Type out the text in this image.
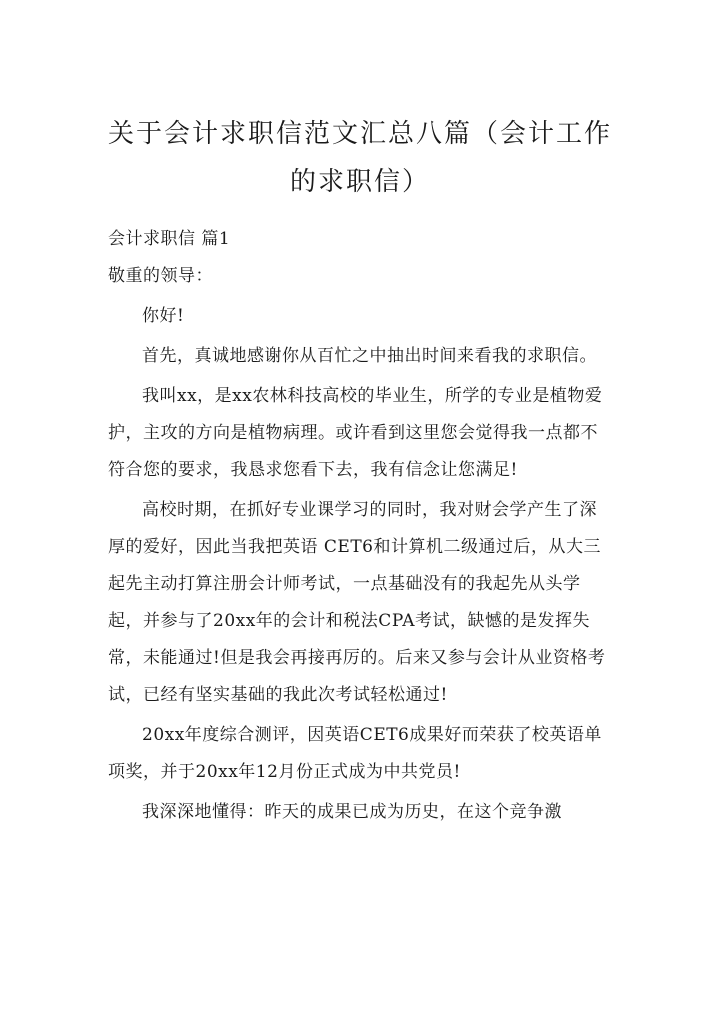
关于会计求职信范文汇总八篇（会计工作的求职信）

会计求职信 篇1

敬重的领导：

你好!

首先，真诚地感谢你从百忙之中抽出时间来看我的求职信。

我叫xx，是xx农林科技高校的毕业生，所学的专业是植物爱护，主攻的方向是植物病理。或许看到这里您会觉得我一点都不符合您的要求，我恳求您看下去，我有信念让您满足!

高校时期，在抓好专业课学习的同时，我对财会学产生了深厚的爱好，因此当我把英语 CET6和计算机二级通过后，从大三起先主动打算注册会计师考试，一点基础没有的我起先从头学起，并参与了20xx年的会计和税法CPA考试，缺憾的是发挥失常，未能通过!但是我会再接再厉的。后来又参与会计从业资格考试，已经有坚实基础的我此次考试轻松通过!

20xx年度综合测评，因英语CET6成果好而荣获了校英语单项奖，并于20xx年12月份正式成为中共党员!

我深深地懂得：昨天的成果已成为历史，在这个竞争激
